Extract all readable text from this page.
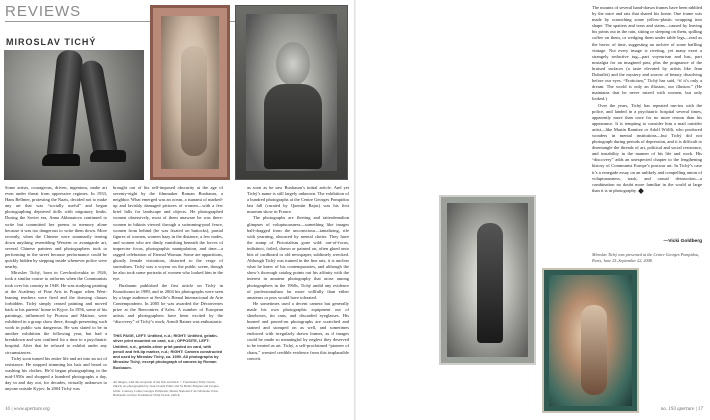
REVIEWS
MIROSLAV TICHÝ

Some artists, courageous, driven, ingenious, make art even under threat from oppressive regimes. In 1933, Hans Bellmer, protesting the Nazis, decided not to make any art that was “socially useful” and began photographing depraved dolls with migratory limbs. During the Soviet era, Anna Akhmatova continued to write but committed her poems to memory alone because it was too dangerous to write them down. More recently, when the Chinese were summarily tearing down anything resembling Western or avantgarde art, several Chinese painters and photographers took to performing in the street because performance could be quickly hidden by stepping inside whenever police were nearby.

Miroslav Tichý, born in Czechoslovakia in 1926, took a similar course to artforms when the Communists took over his country in 1948. He was studying painting at the Academy of Fine Arts in Prague when West-leaning teachers were fired and the drawing classes forbidden. Tichý simply ceased painting and moved back to his parents’ home in Kyjov. In 1956, some of his paintings, influenced by Picasso and Matisse, were exhibited in a group show there, though presenting such work in public was dangerous. He was slated to be in another exhibition the following year, but had a breakdown and was confined for a time to a psychiatric hospital. After that he refused to exhibit under any circumstances.

Tichý soon turned his entire life and art into an act of resistance. He stopped trimming his hair and beard or washing his clothes. He’d begun photographing in the mid-1950s and shopped a hundred photographs a day, day in and day out, for decades, virtually unknown to anyone outside Kyjov. In 2004 Tichý was

brought out of his self-imposed obscurity at the age of seventy-eight by the filmmaker Roman Buxbaum, a neighbor. What emerged was an ocean, a tsunami of marked-up and lavishly damaged pictures of women—with a few brief lulls for landscape and objects. He photographed women obsessively, most of them unaware he was there: women in bikinis viewed through a swimming-pool fence, women from behind (he was fixated on buttocks), partial figures of women, women hazy in the distance, a few nudes, and women who are dimly vanishing beneath the forces of imprecise focus, photographic manipulation, and time—a ragged celebration of Eternal Woman. Some are apparitions, ghostly female visitations, distorted to the verge of surrealism. Tichý was a voyeur on the public scene, though he also took some portraits of women who looked him in the eye.

Buxbaum published the first article on Tichý in Kunstforum in 1989, and in 2004 his photographs were seen by a large audience at Seville’s Bienal Internacional de Arte Contemporáneo. In 2005 he was awarded the Découvertes prize at the Rencontres d’Arles. A number of European artists and photographers have been excited by the “discovery” of Tichý’s work; Arnulf Rainer was enthusiastic

THIS PAGE, LEFT: Untitled, n.d.; RIGHT: Untitled, gelatin-silver print mounted on card, n.d.; OPPOSITE, LEFT: Untitled, n.d., gelatin-silver print pasted on card, with pencil and felt-tip marker, n.d.; RIGHT: Camera constructed and used by Miroslav Tichý, ca. 1990. All photographs by Miroslav Tichý, except photograph of camera by Roman Buxbaum.
All images, with the exception of the first and third. © Foundation Tichý Ocean, Zürich. As photographed by Jean-Claude Prêtre and by Bruno Bréguet and Jacques Gillet. Courtesy Centre Georges Pompidou, Musée National d’Art Moderne, Paris. Buxbaum courtesy Foundation Tichý Ocean, Zürich.

as soon as he saw Buxbaum’s initial article. And yet Tichý’s name is still largely unknown. The exhibition of a hundred photographs at the Centre Georges Pompidou last fall (curated by Quentin Bajac) was his first museum show in France.

The photographs are fleeting and tatterdemalion glimpses of voluptuousness—something like images half-dragged from the unconscious—tantalizing, rife with yearning, obscured by mental clutter. They have the stamp of Pictorialism gone wild: out-of-focus, indistinct, foiled, drawn or painted on, often glued onto bits of cardboard or old newspaper, sublimely wrecked. Although Tichý was trained in the fine arts, it is unclear what he knew of his contemporaries, and although the show’s thorough catalog points out his affinity with the interest in amateur photography that arose among photographers in the 1960s, Tichý undid any evidence of professionalism far more willfully than either amateurs or pros would have tolerated.

He sometimes used a decent camera but generally made his own photographic equipment out of shoeboxes, tin cans, and discarded eyeglasses. His burned and pawed-on photographs are scratched and stained and stomped on as well, and sometimes endowed with irregularly drawn frames, as if images could be made so meaningful by neglect they deserved to be treated as art. Tichý, a self-proclaimed “pioneer of chaos,” wrested credible evidence from this implausible conceit.

The mounts of several hand-drawn frames have been nibbled by the mice and rats that shared his home. One frame was made by scrunching some yellow-plastic wrapping into shape. The spatters and tears and stains—caused by leaving his prints out in the rain, sitting or sleeping on them, spilling coffee on them, or wedging them under table legs—read as the havoc of time, suggesting an archive of some baffling vintage. Not every image is riveting, yet many exert a strangely seductive tug—part voyeurism and lust, part nostalgia for an imagined past, plus the poignance of the bruised surfaces (a taste elevated by artists like Jean Dubuffet) and the mystery and sorrow of beauty dissolving before our eyes. “Eroticism,” Tichý has said, “if it’s only a dream. The world is only an illusion, our illusion.” (He maintains that he never mixed with women, but only looked.)

Over the years, Tichý has repeated run-ins with the police, and landed in a psychiatric hospital several times, apparently more than once for no more reason than his appearance. It is tempting to consider him a mad outsider artist—like Martín Ramírez or Adolf Wölfli, who produced wonders in mental institutions—but Tichý did not photograph during periods of depression, and it is difficult to disentangle the threads of art, political and social resistance, and instability in the manner of his life and work. His “discovery” adds an unexpected chapter to the lengthening history of Communist Europe’s postwar art. In Tichý’s case it’s a renegade essay on an unlikely and compelling union of voluptuousness, trash, and casual destruction—a combination no doubt more familiar in the world at large than it is in photography.

—Vicki Goldberg
Miroslav Tichý was presented at the Centre Georges Pompidou, Paris, June 25–September 22, 2008.
16 | www.aperture.org	no. 193 aperture | 17
